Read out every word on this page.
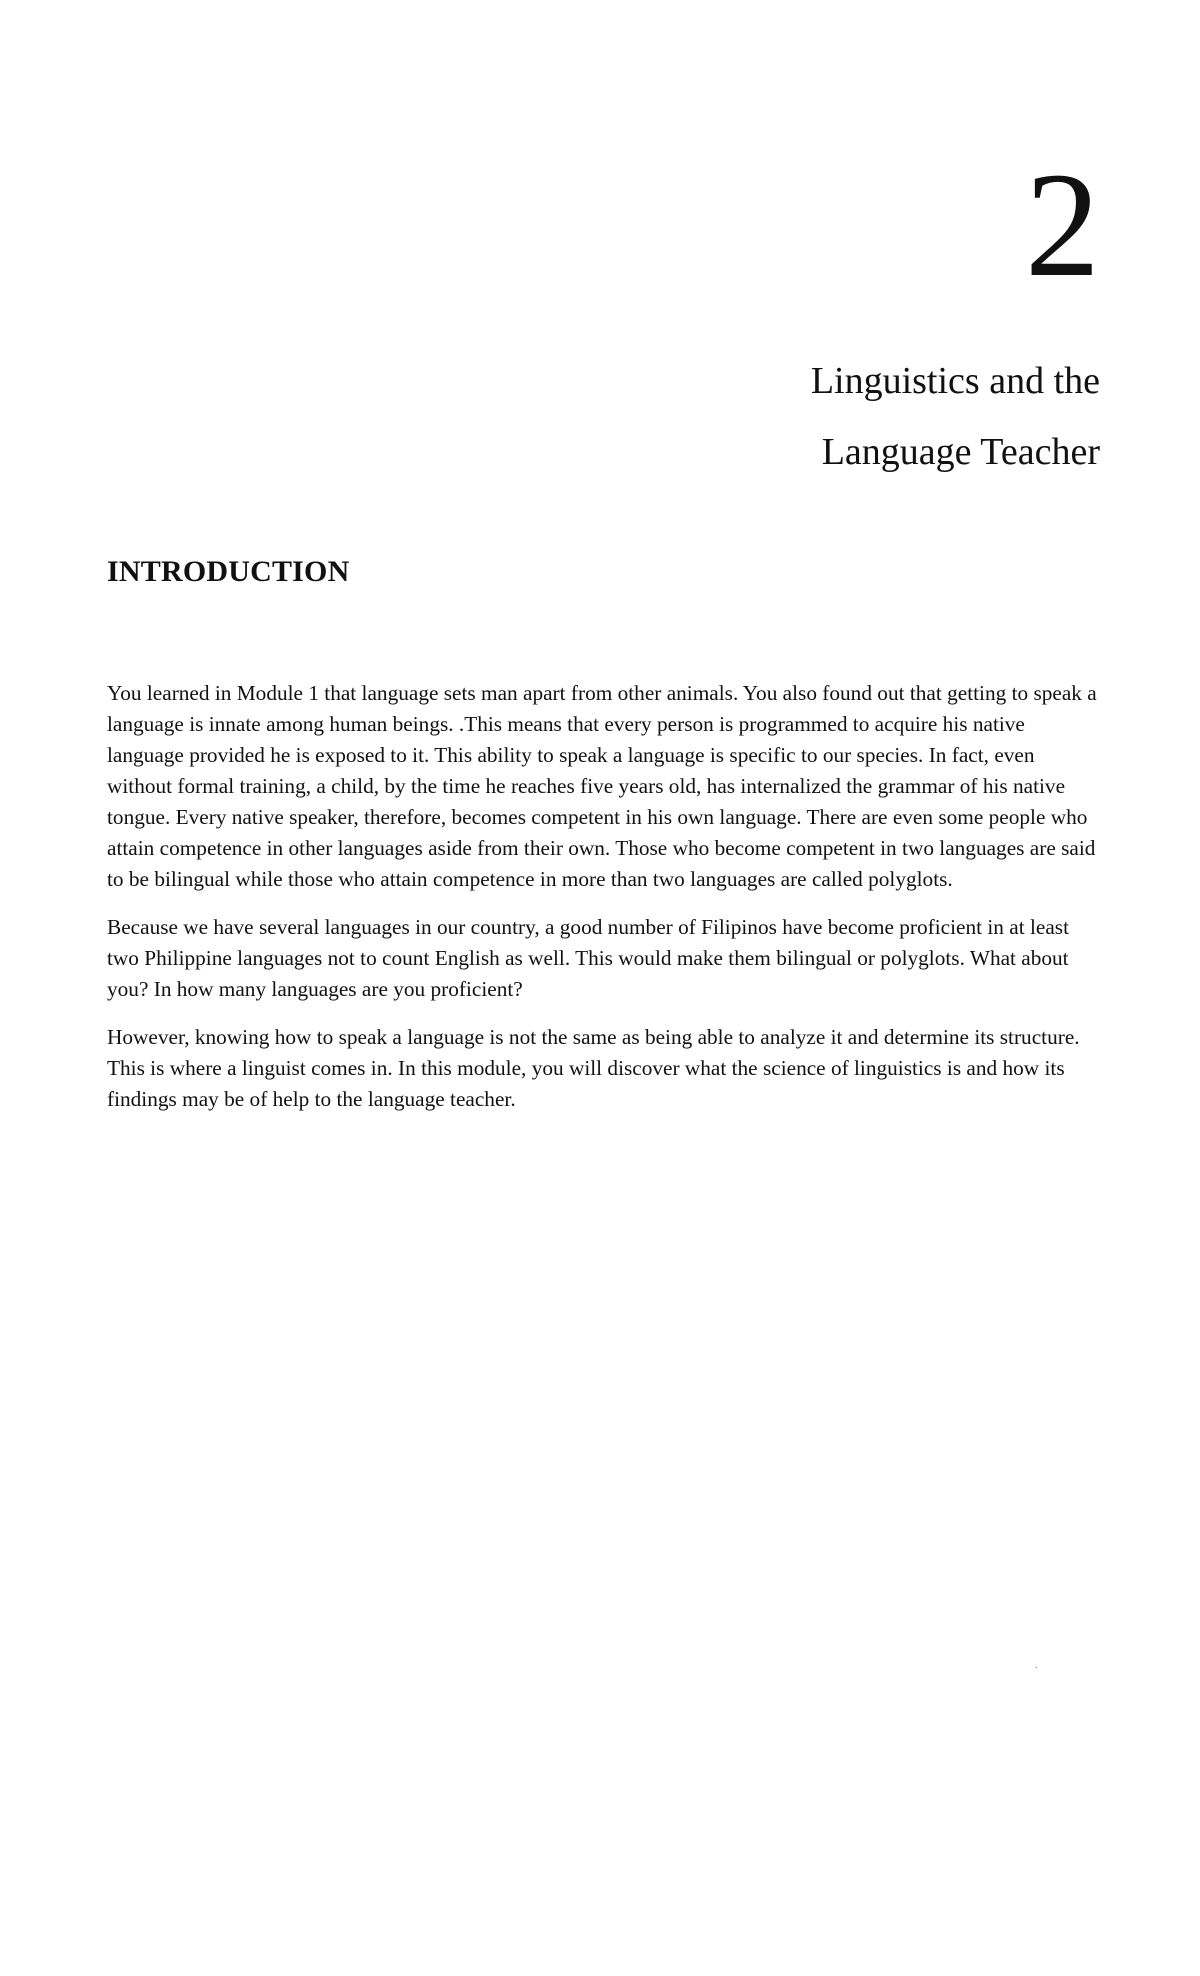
2
Linguistics and the
Language Teacher
INTRODUCTION

You learned in Module 1 that language sets man apart from other animals. You also found out that getting to speak a language is innate among human beings. .This means that every person is programmed to acquire his native language provided he is exposed to it. This ability to speak a language is specific to our species. In fact, even without formal training, a child, by the time he reaches five years old, has internalized the grammar of his native tongue. Every native speaker, therefore, becomes competent in his own language. There are even some people who attain competence in other languages aside from their own. Those who become competent in two languages are said to be bilingual while those who attain competence in more than two languages are called polyglots.

Because we have several languages in our country, a good number of Filipinos have become proficient in at least two Philippine languages not to count English as well. This would make them bilingual or polyglots. What about you? In how many languages are you proficient?

However, knowing how to speak a language is not the same as being able to analyze it and determine its structure. This is where a linguist comes in. In this module, you will discover what the science of linguistics is and how its findings may be of help to the language teacher.

.
